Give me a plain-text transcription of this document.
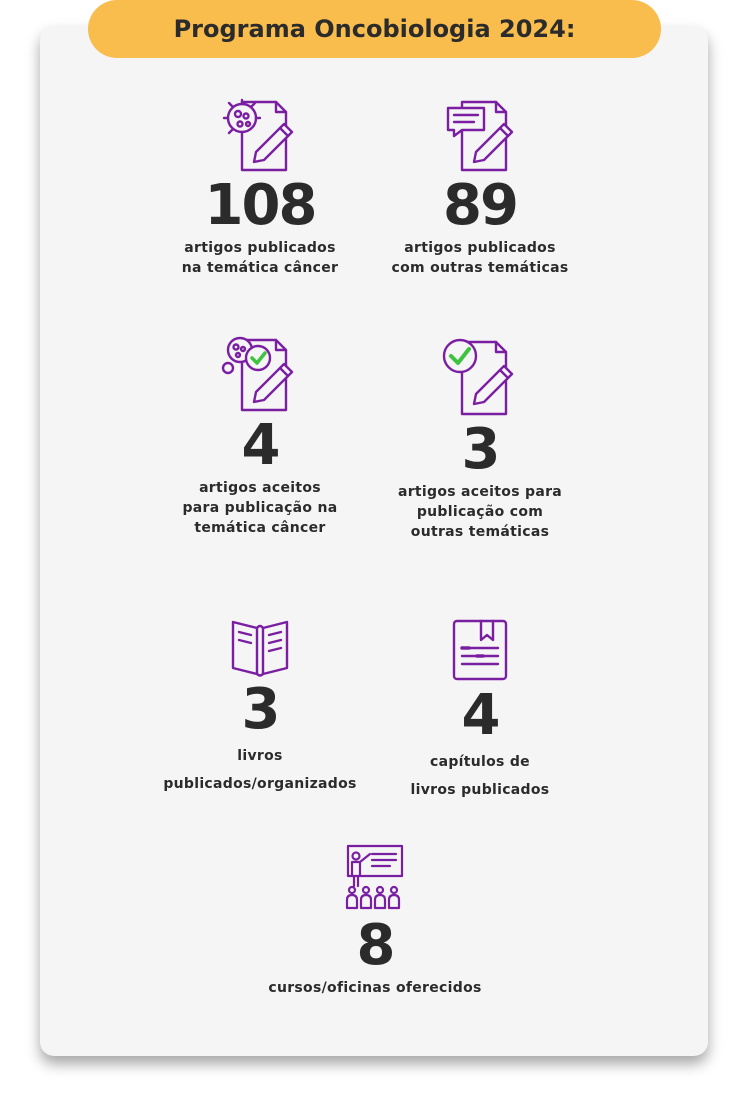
Programa Oncobiologia 2024:
108
artigos publicados
na temática câncer
89
artigos publicados
com outras temáticas
4
artigos aceitos
para publicação na
temática câncer
3
artigos aceitos para
publicação com
outras temáticas
3
livros
publicados/organizados
4
capítulos de
livros publicados
8
cursos/oficinas oferecidos
